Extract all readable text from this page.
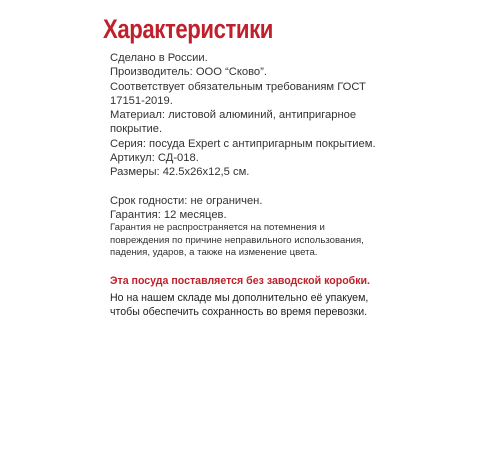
Характеристики
Сделано в России.
Производитель: ООО “Сково”.
Соответствует обязательным требованиям ГОСТ
17151-2019.
Материал: листовой алюминий, антипригарное
покрытие.
Серия: посуда Expert с антипригарным покрытием.
Артикул: СД-018.
Размеры: 42.5х26х12,5 см.
Срок годности: не ограничен.
Гарантия: 12 месяцев.
Гарантия не распространяется на потемнения и
повреждения по причине неправильного использования,
падения, ударов, а также на изменение цвета.
Эта посуда поставляется без заводской коробки.
Но на нашем складе мы дополнительно её упакуем,
чтобы обеспечить сохранность во время перевозки.
